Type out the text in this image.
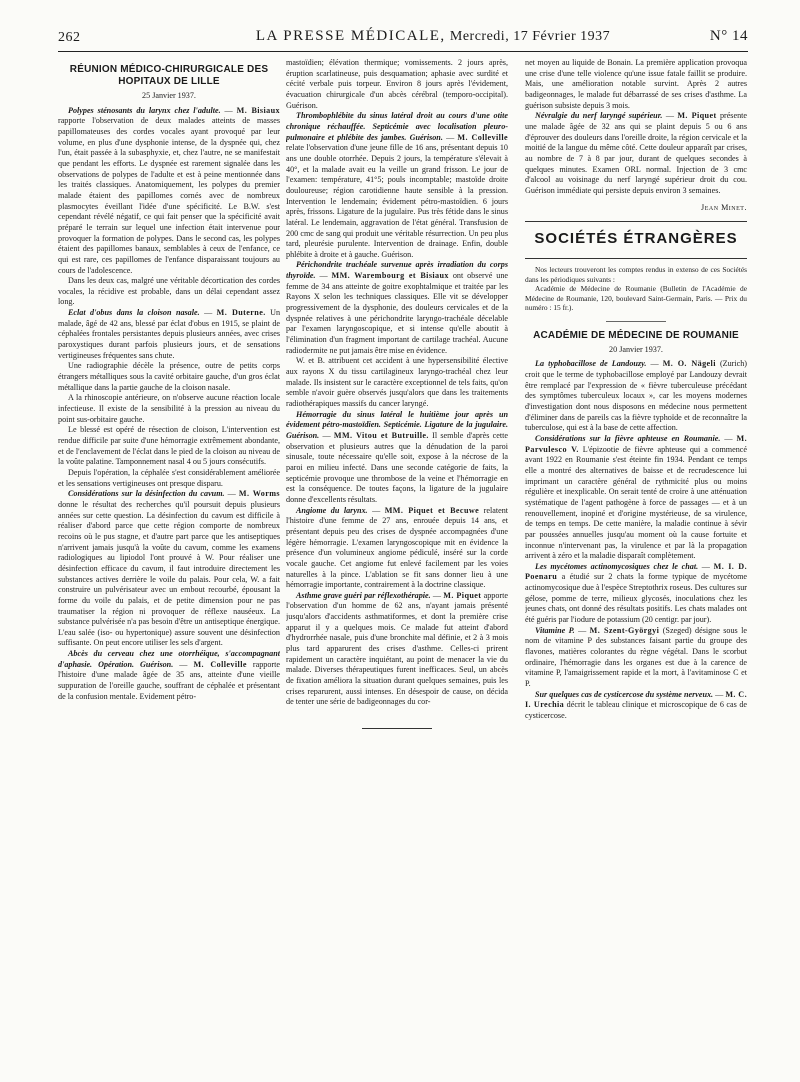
262	LA PRESSE MÉDICALE, Mercredi, 17 Février 1937	N° 14
RÉUNION MÉDICO-CHIRURGICALE DES HOPITAUX DE LILLE

25 Janvier 1937.

Polypes sténosants du larynx chez l'adulte. — M. Bisiaux rapporte l'observation de deux malades atteints de masses papillomateuses des cordes vocales ayant provoqué par leur volume, en plus d'une dysphonie intense, de la dyspnée qui, chez l'un, était passée à la subasphyxie, et, chez l'autre, ne se manifestait que pendant les efforts. Le dyspnée est rarement signalée dans les observations de polypes de l'adulte et est à peine mentionnée dans les traités classiques. Anatomiquement, les polypes du premier malade étaient des papillomes cornés avec de nombreux plasmocytes éveillant l'idée d'une spécificité. Le B.W. s'est cependant révélé négatif, ce qui fait penser que la spécificité avait préparé le terrain sur lequel une infection était intervenue pour provoquer la formation de polypes. Dans le second cas, les polypes étaient des papillomes banaux, semblables à ceux de l'enfance, ce qui est rare, ces papillomes de l'enfance disparaissant toujours au cours de l'adolescence.

Dans les deux cas, malgré une véritable décortication des cordes vocales, la récidive est probable, dans un délai cependant assez long.

Eclat d'obus dans la cloison nasale. — M. Duterne. Un malade, âgé de 42 ans, blessé par éclat d'obus en 1915, se plaint de céphalées frontales persistantes depuis plusieurs années, avec crises paroxystiques durant parfois plusieurs jours, et de sensations vertigineuses fréquentes sans chute.

Une radiographie décèle la présence, outre de petits corps étrangers métalliques sous la cavité orbitaire gauche, d'un gros éclat métallique dans la partie gauche de la cloison nasale.

A la rhinoscopie antérieure, on n'observe aucune réaction locale infectieuse. Il existe de la sensibilité à la pression au niveau du point sus-orbitaire gauche.

Le blessé est opéré de résection de cloison, L'intervention est rendue difficile par suite d'une hémorragie extrêmement abondante, et de l'enclavement de l'éclat dans le pied de la cloison au niveau de la voûte palatine. Tamponnement nasal 4 ou 5 jours consécutifs.

Depuis l'opération, la céphalée s'est considérablement améliorée et les sensations vertigineuses ont presque disparu.

Considérations sur la désinfection du cavum. — M. Worms donne le résultat des recherches qu'il poursuit depuis plusieurs années sur cette question. La désinfection du cavum est difficile à réaliser d'abord parce que cette région comporte de nombreux recoins où le pus stagne, et d'autre part parce que les antiseptiques n'arrivent jamais jusqu'à la voûte du cavum, comme les examens radiologiques au lipiodol l'ont prouvé à W. Pour réaliser une désinfection efficace du cavum, il faut introduire directement les substances actives derrière le voile du palais. Pour cela, W. a fait construire un pulvérisateur avec un embout recourbé, épousant la forme du voile du palais, et de petite dimension pour ne pas traumatiser la région ni provoquer de réflexe nauséeux. La substance pulvérisée n'a pas besoin d'être un antiseptique énergique. L'eau salée (iso- ou hypertonique) assure souvent une désinfection suffisante. On peut encore utiliser les sels d'argent.

Abcès du cerveau chez une otorrhéique, s'accompagnant d'aphasie. Opération. Guérison. — M. Colleville rapporte l'histoire d'une malade âgée de 35 ans, atteinte d'une vieille suppuration de l'oreille gauche, souffrant de céphalée et présentant de la confusion mentale. Evidement pétro-

mastoïdien; élévation thermique; vomissements. 2 jours après, éruption scarlatineuse, puis desquamation; aphasie avec surdité et cécité verbale puis torpeur. Environ 8 jours après l'évidement, évacuation chirurgicale d'un abcès cérébral (temporo-occipital). Guérison.

Thrombophlébite du sinus latéral droit au cours d'une otite chronique réchauffée. Septicémie avec localisation pleuro-pulmonaire et phlébite des jambes. Guérison. — M. Colleville relate l'observation d'une jeune fille de 16 ans, présentant depuis 10 ans une double otorrhée. Depuis 2 jours, la température s'élevait à 40°, et la malade avait eu la veille un grand frisson. Le jour de l'examen: température, 41°5; pouls incomptable; mastoïde droite douloureuse; région carotidienne haute sensible à la pression. Intervention le lendemain; évidement pétro-mastoïdien. 6 jours après, frissons. Ligature de la jugulaire. Pus très fétide dans le sinus latéral. Le lendemain, aggravation de l'état général. Transfusion de 200 cmc de sang qui produit une véritable résurrection. Un peu plus tard, pleurésie purulente. Intervention de drainage. Enfin, double phlébite à droite et à gauche. Guérison.

Périchondrite trachéale survenue après irradiation du corps thyroïde. — MM. Warembourg et Bisiaux ont observé une femme de 34 ans atteinte de goitre exophtalmique et traitée par les Rayons X selon les techniques classiques. Elle vit se développer progressivement de la dysphonie, des douleurs cervicales et de la dyspnée relatives à une périchondrite laryngo-trachéale décelable par l'examen laryngoscopique, et si intense qu'elle aboutit à l'élimination d'un fragment important de cartilage trachéal. Aucune radiodermite ne put jamais être mise en évidence.

W. et B. attribuent cet accident à une hypersensibilité élective aux rayons X du tissu cartilagineux laryngo-trachéal chez leur malade. Ils insistent sur le caractère exceptionnel de tels faits, qu'on semble n'avoir guère observés jusqu'alors que dans les traitements radiothérapiques massifs du cancer laryngé.

Hémorragie du sinus latéral le huitième jour après un évidement pétro-mastoïdien. Septicémie. Ligature de la jugulaire. Guérison. — MM. Vitou et Butruille. Il semble d'après cette observation et plusieurs autres que la dénudation de la paroi sinusale, toute nécessaire qu'elle soit, expose à la nécrose de la paroi en milieu infecté. Dans une seconde catégorie de faits, la septicémie provoque une thrombose de la veine et l'hémorragie en est la conséquence. De toutes façons, la ligature de la jugulaire donne d'excellents résultats.

Angiome du larynx. — MM. Piquet et Becuwe relatent l'histoire d'une femme de 27 ans, enrouée depuis 14 ans, et présentant depuis peu des crises de dyspnée accompagnées d'une légère hémorragie. L'examen laryngoscopique mit en évidence la présence d'un volumineux angiome pédiculé, inséré sur la corde vocale gauche. Cet angiome fut enlevé facilement par les voies naturelles à la pince. L'ablation se fit sans donner lieu à une hémorragie importante, contrairement à la doctrine classique.

Asthme grave guéri par réflexothérapie. — M. Piquet apporte l'observation d'un homme de 62 ans, n'ayant jamais présenté jusqu'alors d'accidents asthmatiformes, et dont la première crise apparut il y a quelques mois. Ce malade fut atteint d'abord d'hydrorrhée nasale, puis d'une bronchite mal définie, et 2 à 3 mois plus tard apparurent des crises d'asthme. Celles-ci prirent rapidement un caractère inquiétant, au point de menacer la vie du malade. Diverses thérapeutiques furent inefficaces. Seul, un abcès de fixation améliora la situation durant quelques semaines, puis les crises reparurent, aussi intenses. En désespoir de cause, on décida de tenter une série de badigeonnages du cor-

net moyen au liquide de Bonain. La première application provoqua une crise d'une telle violence qu'une issue fatale faillit se produire. Mais, une amélioration notable survint. Après 2 autres badigeonnages, le malade fut débarrassé de ses crises d'asthme. La guérison subsiste depuis 3 mois.

Névralgie du nerf laryngé supérieur. — M. Piquet présente une malade âgée de 32 ans qui se plaint depuis 5 ou 6 ans d'éprouver des douleurs dans l'oreille droite, la région cervicale et la moitié de la langue du même côté. Cette douleur apparaît par crises, au nombre de 7 à 8 par jour, durant de quelques secondes à quelques minutes. Examen ORL normal. Injection de 3 cmc d'alcool au voisinage du nerf laryngé supérieur droit du cou. Guérison immédiate qui persiste depuis environ 3 semaines.

Jean Minet.

SOCIÉTÉS ÉTRANGÈRES

Nos lecteurs trouveront les comptes rendus in extenso de ces Sociétés dans les périodiques suivants :

Académie de Médecine de Roumanie (Bulletin de l'Académie de Médecine de Roumanie, 120, boulevard Saint-Germain, Paris. — Prix du numéro : 15 fr.).

ACADÉMIE DE MÉDECINE DE ROUMANIE

20 Janvier 1937.

La typhobacillose de Landouzy. — M. O. Nägeli (Zurich) croit que le terme de typhobacillose employé par Landouzy devrait être remplacé par l'expression de « fièvre tuberculeuse précédant des symptômes tuberculeux locaux », car les moyens modernes d'investigation dont nous disposons en médecine nous permettent d'éliminer dans de pareils cas la fièvre typhoïde et de reconnaître la tuberculose, qui est à la base de cette affection.

Considérations sur la fièvre aphteuse en Roumanie. — M. Parvulesco V. L'épizootie de fièvre aphteuse qui a commencé avant 1922 en Roumanie s'est éteinte fin 1934. Pendant ce temps elle a montré des alternatives de baisse et de recrudescence lui imprimant un caractère général de rythmicité plus ou moins régulière et inexplicable. On serait tenté de croire à une atténuation systématique de l'agent pathogène à force de passages — et à un renouvellement, inopiné et d'origine mystérieuse, de sa virulence, de temps en temps. De cette manière, la maladie continue à sévir par poussées annuelles jusqu'au moment où la cause fortuite et inconnue n'intervenant pas, la virulence et par là la propagation arrivent à zéro et la maladie disparaît complètement.

Les mycétomes actinomycosiques chez le chat. — M. I. D. Poenaru a étudié sur 2 chats la forme typique de mycétome actinomycosique due à l'espèce Streptothrix roseus. Des cultures sur gélose, pomme de terre, milieux glycosés, inoculations chez les jeunes chats, ont donné des résultats positifs. Les chats malades ont été guéris par l'iodure de potassium (20 centigr. par jour).

Vitamine P. — M. Szent-Györgyi (Szeged) désigne sous le nom de vitamine P des substances faisant partie du groupe des flavones, matières colorantes du règne végétal. Dans le scorbut ordinaire, l'hémorragie dans les organes est due à la carence de vitamine P, l'amaigrissement rapide et la mort, à l'avitaminose C et P.

Sur quelques cas de cysticercose du système nerveux. — M. C. I. Urechia décrit le tableau clinique et microscopique de 6 cas de cysticercose.
